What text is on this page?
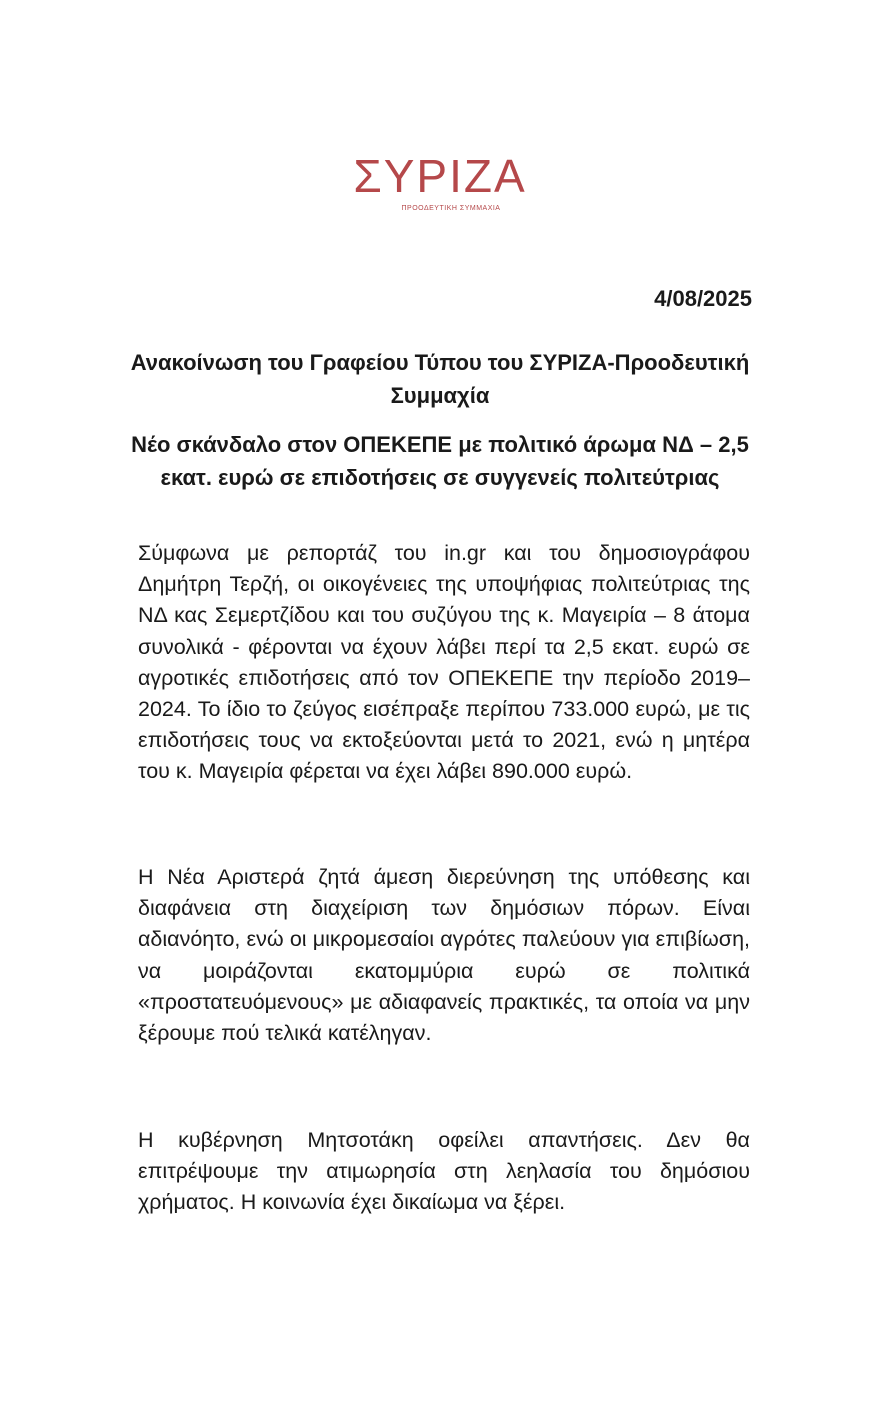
ΣΥΡΙΖΑ
ΠΡΟΟΔΕΥΤΙΚΗ ΣΥΜΜΑΧΙΑ
4/08/2025
Ανακοίνωση του Γραφείου Τύπου του ΣΥΡΙΖΑ-Προοδευτική Συμμαχία
Νέο σκάνδαλο στον ΟΠΕΚΕΠΕ με πολιτικό άρωμα ΝΔ – 2,5 εκατ. ευρώ σε επιδοτήσεις σε συγγενείς πολιτεύτριας

Σύμφωνα με ρεπορτάζ του in.gr και του δημοσιογράφου Δημήτρη Τερζή, οι οικογένειες της υποψήφιας πολιτεύτριας της ΝΔ κας Σεμερτζίδου και του συζύγου της κ. Μαγειρία – 8 άτομα συνολικά - φέρονται να έχουν λάβει περί τα 2,5 εκατ. ευρώ σε αγροτικές επιδοτήσεις από τον ΟΠΕΚΕΠΕ την περίοδο 2019–2024. Το ίδιο το ζεύγος εισέπραξε περίπου 733.000 ευρώ, με τις επιδοτήσεις τους να εκτοξεύονται μετά το 2021, ενώ η μητέρα του κ. Μαγειρία φέρεται να έχει λάβει 890.000 ευρώ.

Η Νέα Αριστερά ζητά άμεση διερεύνηση της υπόθεσης και διαφάνεια στη διαχείριση των δημόσιων πόρων. Είναι αδιανόητο, ενώ οι μικρομεσαίοι αγρότες παλεύουν για επιβίωση, να μοιράζονται εκατομμύρια ευρώ σε πολιτικά «προστατευόμενους» με αδιαφανείς πρακτικές, τα οποία να μην ξέρουμε πού τελικά κατέληγαν.

Η κυβέρνηση Μητσοτάκη οφείλει απαντήσεις. Δεν θα επιτρέψουμε την ατιμωρησία στη λεηλασία του δημόσιου χρήματος. Η κοινωνία έχει δικαίωμα να ξέρει.
